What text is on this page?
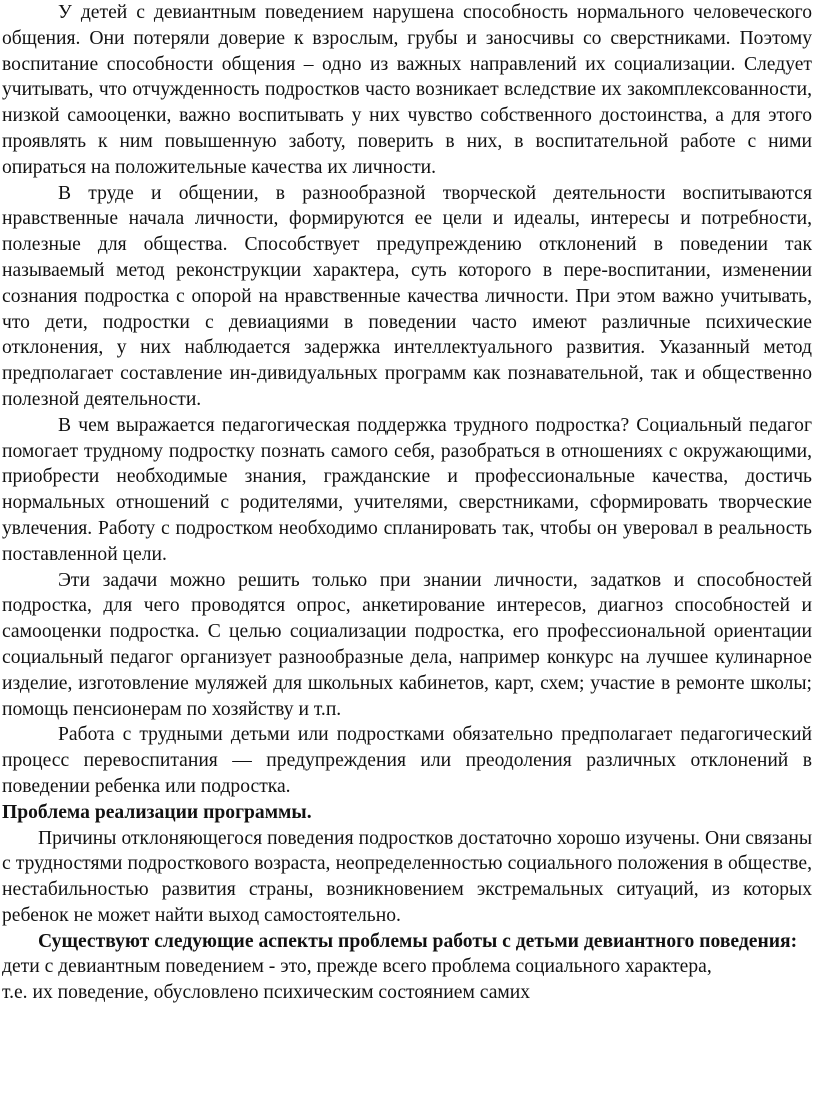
У детей с девиантным поведением нарушена способность нормального человеческого общения. Они потеряли доверие к взрослым, грубы и заносчивы со сверстниками. Поэтому воспитание способности общения – одно из важных направлений их социализации. Следует учитывать, что отчужденность подростков часто возникает вследствие их закомплексованности, низкой самооценки, важно воспитывать у них чувство собственного достоинства, а для этого проявлять к ним повышенную заботу, поверить в них, в воспитательной работе с ними опираться на положительные качества их личности.

В труде и общении, в разнообразной творческой деятельности воспитываются нравственные начала личности, формируются ее цели и идеалы, интересы и потребности, полезные для общества. Способствует предупреждению отклонений в поведении так называемый метод реконструкции характера, суть которого в пере-воспитании, изменении сознания подростка с опорой на нравственные качества личности. При этом важно учитывать, что дети, подростки с девиациями в поведении часто имеют различные психические отклонения, у них наблюдается задержка интеллектуального развития. Указанный метод предполагает составление ин-дивидуальных программ как познавательной, так и общественно полезной деятельности.

В чем выражается педагогическая поддержка трудного подростка? Социальный педагог помогает трудному подростку познать самого себя, разобраться в отношениях с окружающими, приобрести необходимые знания, гражданские и профессиональные качества, достичь нормальных отношений с родителями, учителями, сверстниками, сформировать творческие увлечения. Работу с подростком необходимо спланировать так, чтобы он уверовал в реальность поставленной цели.

Эти задачи можно решить только при знании личности, задатков и способностей подростка, для чего проводятся опрос, анкетирование интересов, диагноз способностей и самооценки подростка. С целью социализации подростка, его профессиональной ориентации социальный педагог организует разнообразные дела, например конкурс на лучшее кулинарное изделие, изготовление муляжей для школьных кабинетов, карт, схем; участие в ремонте школы; помощь пенсионерам по хозяйству и т.п.

Работа с трудными детьми или подростками обязательно предполагает педагогический процесс перевоспитания — предупреждения или преодоления различных отклонений в поведении ребенка или подростка.

Проблема реализации программы.

Причины отклоняющегося поведения подростков достаточно хорошо изучены. Они связаны с трудностями подросткового возраста, неопределенностью социального положения в обществе, нестабильностью развития страны, возникновением экстремальных ситуаций, из которых ребенок не может найти выход самостоятельно.

Существуют следующие аспекты проблемы работы с детьми девиантного поведения:

дети с девиантным поведением - это, прежде всего проблема социального характера,

т.е. их поведение, обусловлено психическим состоянием самих
